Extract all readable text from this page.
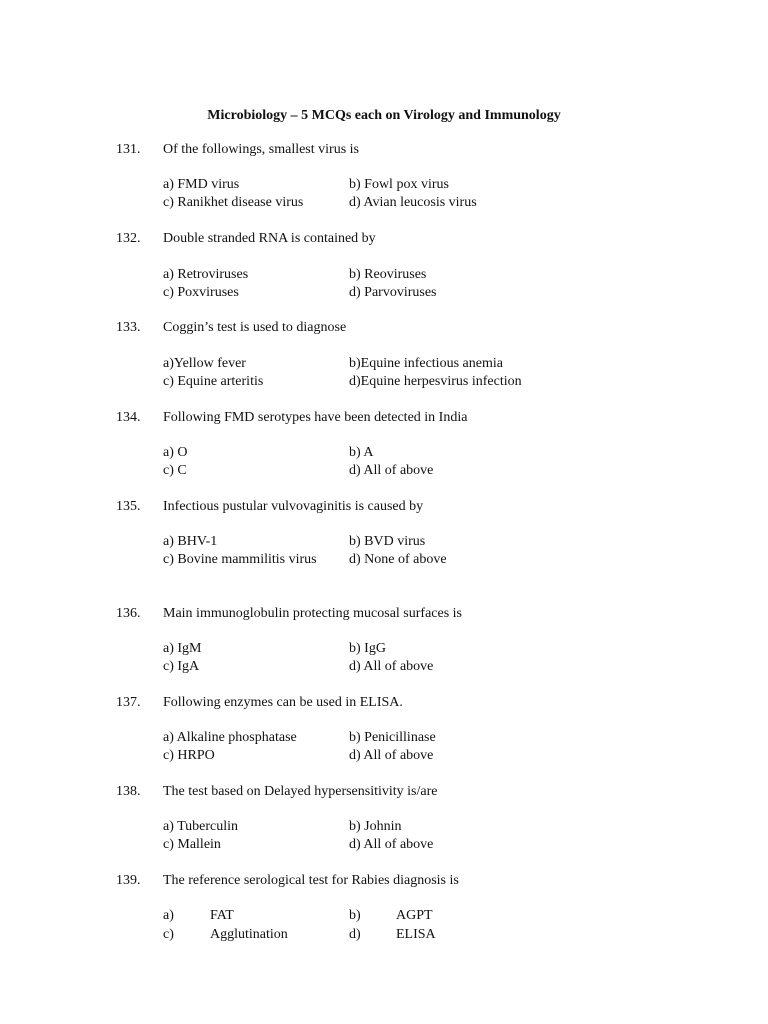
Microbiology – 5 MCQs each on Virology and Immunology
131. Of the followings, smallest virus is
a) FMD virus	b) Fowl pox virus
c) Ranikhet disease virus	d) Avian leucosis virus
132. Double stranded RNA is contained by
a) Retroviruses	b) Reoviruses
c) Poxviruses	d) Parvoviruses
133. Coggin’s test is used to diagnose
a)Yellow fever	b)Equine infectious anemia
c) Equine arteritis	d)Equine herpesvirus infection
134. Following FMD serotypes have been detected in India
a) O	b) A
c) C	d) All of above
135. Infectious pustular vulvovaginitis is caused by
a) BHV-1	b) BVD virus
c) Bovine mammilitis virus d) None of above
136. Main immunoglobulin protecting mucosal surfaces is
a) IgM	b) IgG
c) IgA	d) All of above
137. Following enzymes can be used in ELISA.
a) Alkaline phosphatase	b) Penicillinase
c) HRPO	d) All of above
138. The test based on Delayed hypersensitivity is/are
a) Tuberculin	b) Johnin
c) Mallein	d) All of above
139. The reference serological test for Rabies diagnosis is
a)	FAT	b)	AGPT
c)	Agglutination	d)	ELISA
